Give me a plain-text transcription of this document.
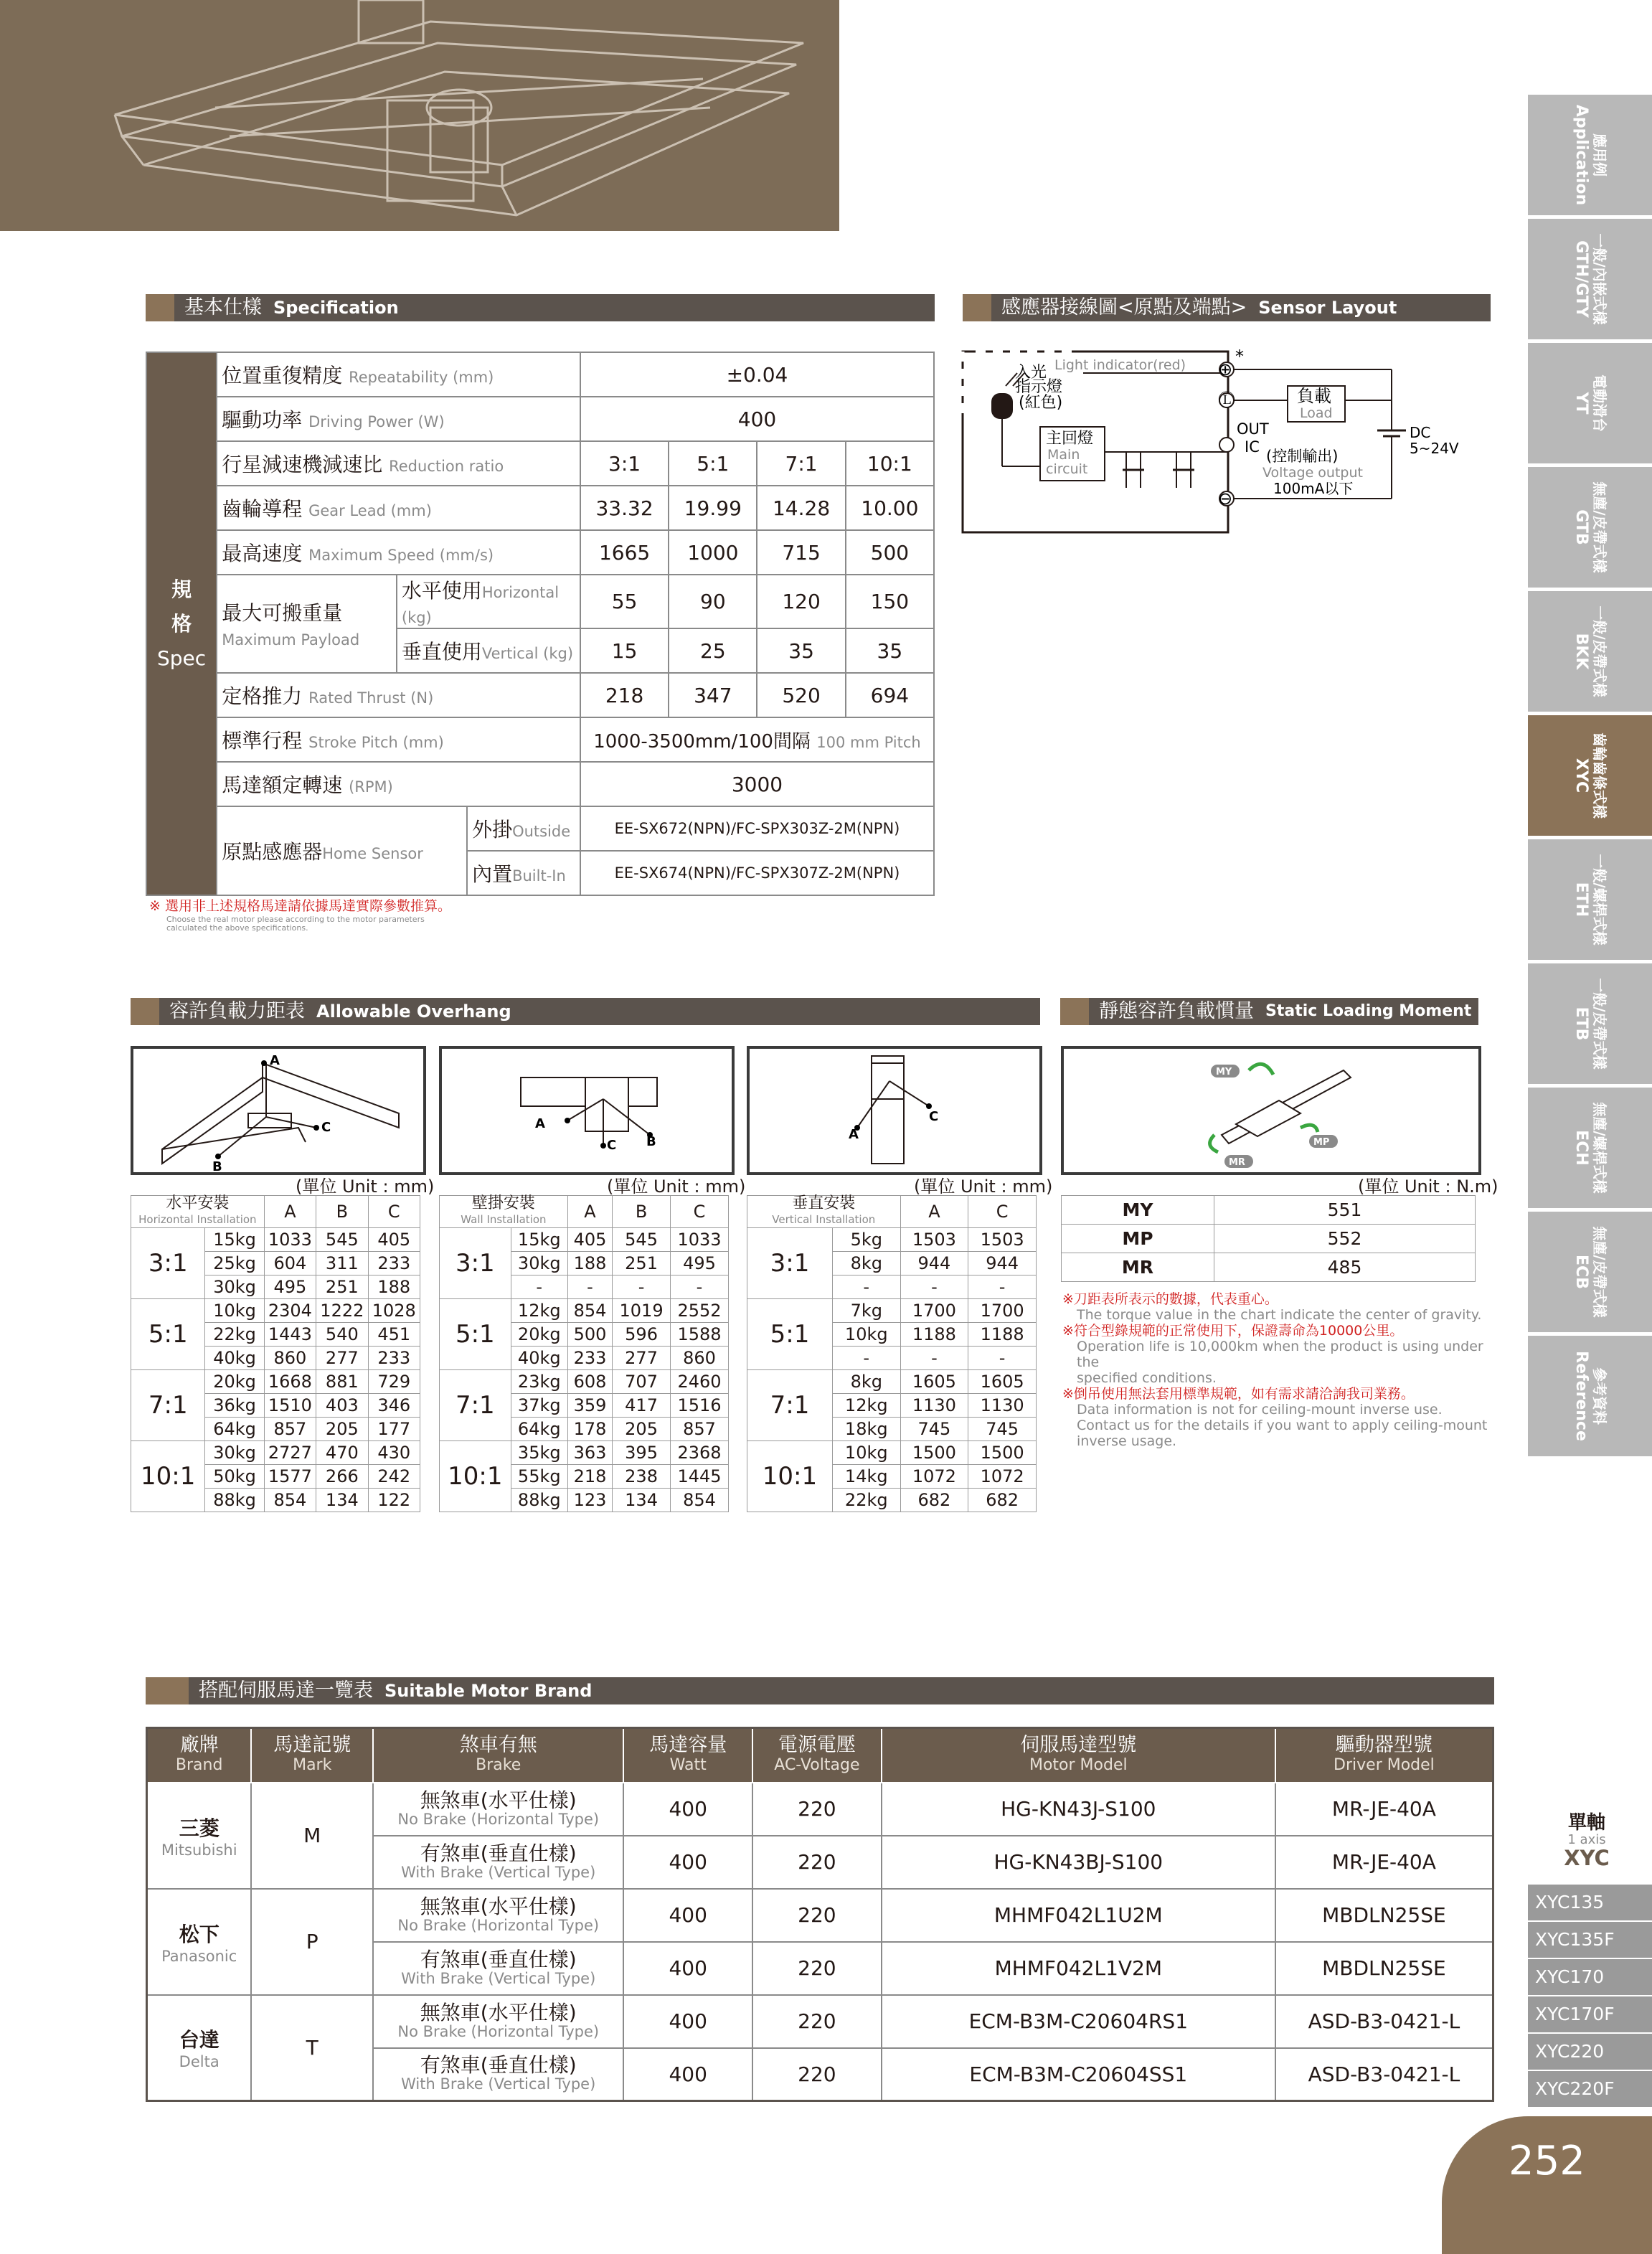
基本仕樣 Specification
規
格
Spec	位置重復精度 Repeatability (mm)			±0.04			
	驅動功率 Driving Power (W)			400			
	行星減速機減速比 Reduction ratio			3:1	5:1	7:1	10:1
	齒輪導程 Gear Lead (mm)			33.32	19.99	14.28	10.00
	最高速度 Maximum Speed (mm/s)			1665	1000	715	500
	最大可搬重量
Maximum Payload	水平使用Horizontal (kg)		55	90	120	150
		垂直使用Vertical (kg)		15	25	35	35
	定格推力 Rated Thrust (N)			218	347	520	694
	標準行程 Stroke Pitch (mm)			1000-3500mm/100間隔 100 mm Pitch			
	馬達額定轉速 (RPM)			3000			
	原點感應器Home Sensor		外掛Outside	EE-SX672(NPN)/FC-SPX303Z-2M(NPN)			
			內置Built-In	EE-SX674(NPN)/FC-SPX307Z-2M(NPN)			
※ 選用非上述規格馬達請依據馬達實際參數推算。
Choose the real motor please according to the motor parameters
calculated the above specifications.
感應器接線圖<原點及端點> Sensor Layout
Light indicator(red)
入光
指示燈
(紅色)
主回燈
Main
circuit
負載
Load
OUT
IC
(控制輸出)
Voltage output
100mA以下
DC
5~24V
*
⊕
⊖
Ⓛ
容許負載力距表 Allowable Overhang	靜態容許負載慣量 Static Loading Moment
A
C
B
A
B
C
C
A
MY
MP
MR
(單位 Unit : mm)	(單位 Unit : mm)	(單位 Unit : mm)	(單位 Unit : N.m)
水平安裝
Horizontal Installation		A	B	C
3:1	15kg	1033	545	405
	25kg	604	311	233
	30kg	495	251	188
5:1	10kg	2304	1222	1028
	22kg	1443	540	451
	40kg	860	277	233
7:1	20kg	1668	881	729
	36kg	1510	403	346
	64kg	857	205	177
10:1	30kg	2727	470	430
	50kg	1577	266	242
	88kg	854	134	122
壁掛安裝
Wall Installation		A	B	C
3:1	15kg	405	545	1033
	30kg	188	251	495
	-	-	-	-
5:1	12kg	854	1019	2552
	20kg	500	596	1588
	40kg	233	277	860
7:1	23kg	608	707	2460
	37kg	359	417	1516
	64kg	178	205	857
10:1	35kg	363	395	2368
	55kg	218	238	1445
	88kg	123	134	854
垂直安裝
Vertical Installation		A	C
3:1	5kg	1503	1503
	8kg	944	944
	-	-	-
5:1	7kg	1700	1700
	10kg	1188	1188
	-	-	-
7:1	8kg	1605	1605
	12kg	1130	1130
	18kg	745	745
10:1	10kg	1500	1500
	14kg	1072	1072
	22kg	682	682
MY	551
MP	552
MR	485
※刀距表所表示的數據，代表重心。
The torque value in the chart indicate the center of gravity.
※符合型錄規範的正常使用下，保證壽命為10000公里。
Operation life is 10,000km when the product is using under the
specified conditions.
※倒吊使用無法套用標準規範，如有需求請洽詢我司業務。
Data information is not for ceiling-mount inverse use.
Contact us for the details if you want to apply ceiling-mount
inverse usage.
搭配伺服馬達一覽表 Suitable Motor Brand
廠牌
Brand	馬達記號
Mark	煞車有無
Brake	馬達容量
Watt	電源電壓
AC-Voltage	伺服馬達型號
Motor Model	驅動器型號
Driver Model

三菱
Mitsubishi	M	無煞車(水平仕樣)
No Brake (Horizontal Type)	400	220	HG-KN43J-S100	MR-JE-40A

		有煞車(垂直仕樣)
With Brake (Vertical Type)	400	220	HG-KN43BJ-S100	MR-JE-40A

松下
Panasonic	P	無煞車(水平仕樣)
No Brake (Horizontal Type)	400	220	MHMF042L1U2M	MBDLN25SE

		有煞車(垂直仕樣)
With Brake (Vertical Type)	400	220	MHMF042L1V2M	MBDLN25SE

台達
Delta	T	無煞車(水平仕樣)
No Brake (Horizontal Type)	400	220	ECM-B3M-C20604RS1	ASD-B3-0421-L

		有煞車(垂直仕樣)
With Brake (Vertical Type)	400	220	ECM-B3M-C20604SS1	ASD-B3-0421-L
應用例
Application
一般/內嵌式樣
GTH/GTY
電動滑台
YT
無塵/皮帶式樣
GTB
一般/皮帶式樣
BKK
齒輪齒條式樣
XYC
一般/螺桿式樣
ETH
一般/皮帶式樣
ETB
無塵/螺桿式樣
ECH
無塵/皮帶式樣
ECB
參考資料
Reference
單軸
1 axis
XYC
XYC135
XYC135F
XYC170
XYC170F
XYC220
XYC220F
252
